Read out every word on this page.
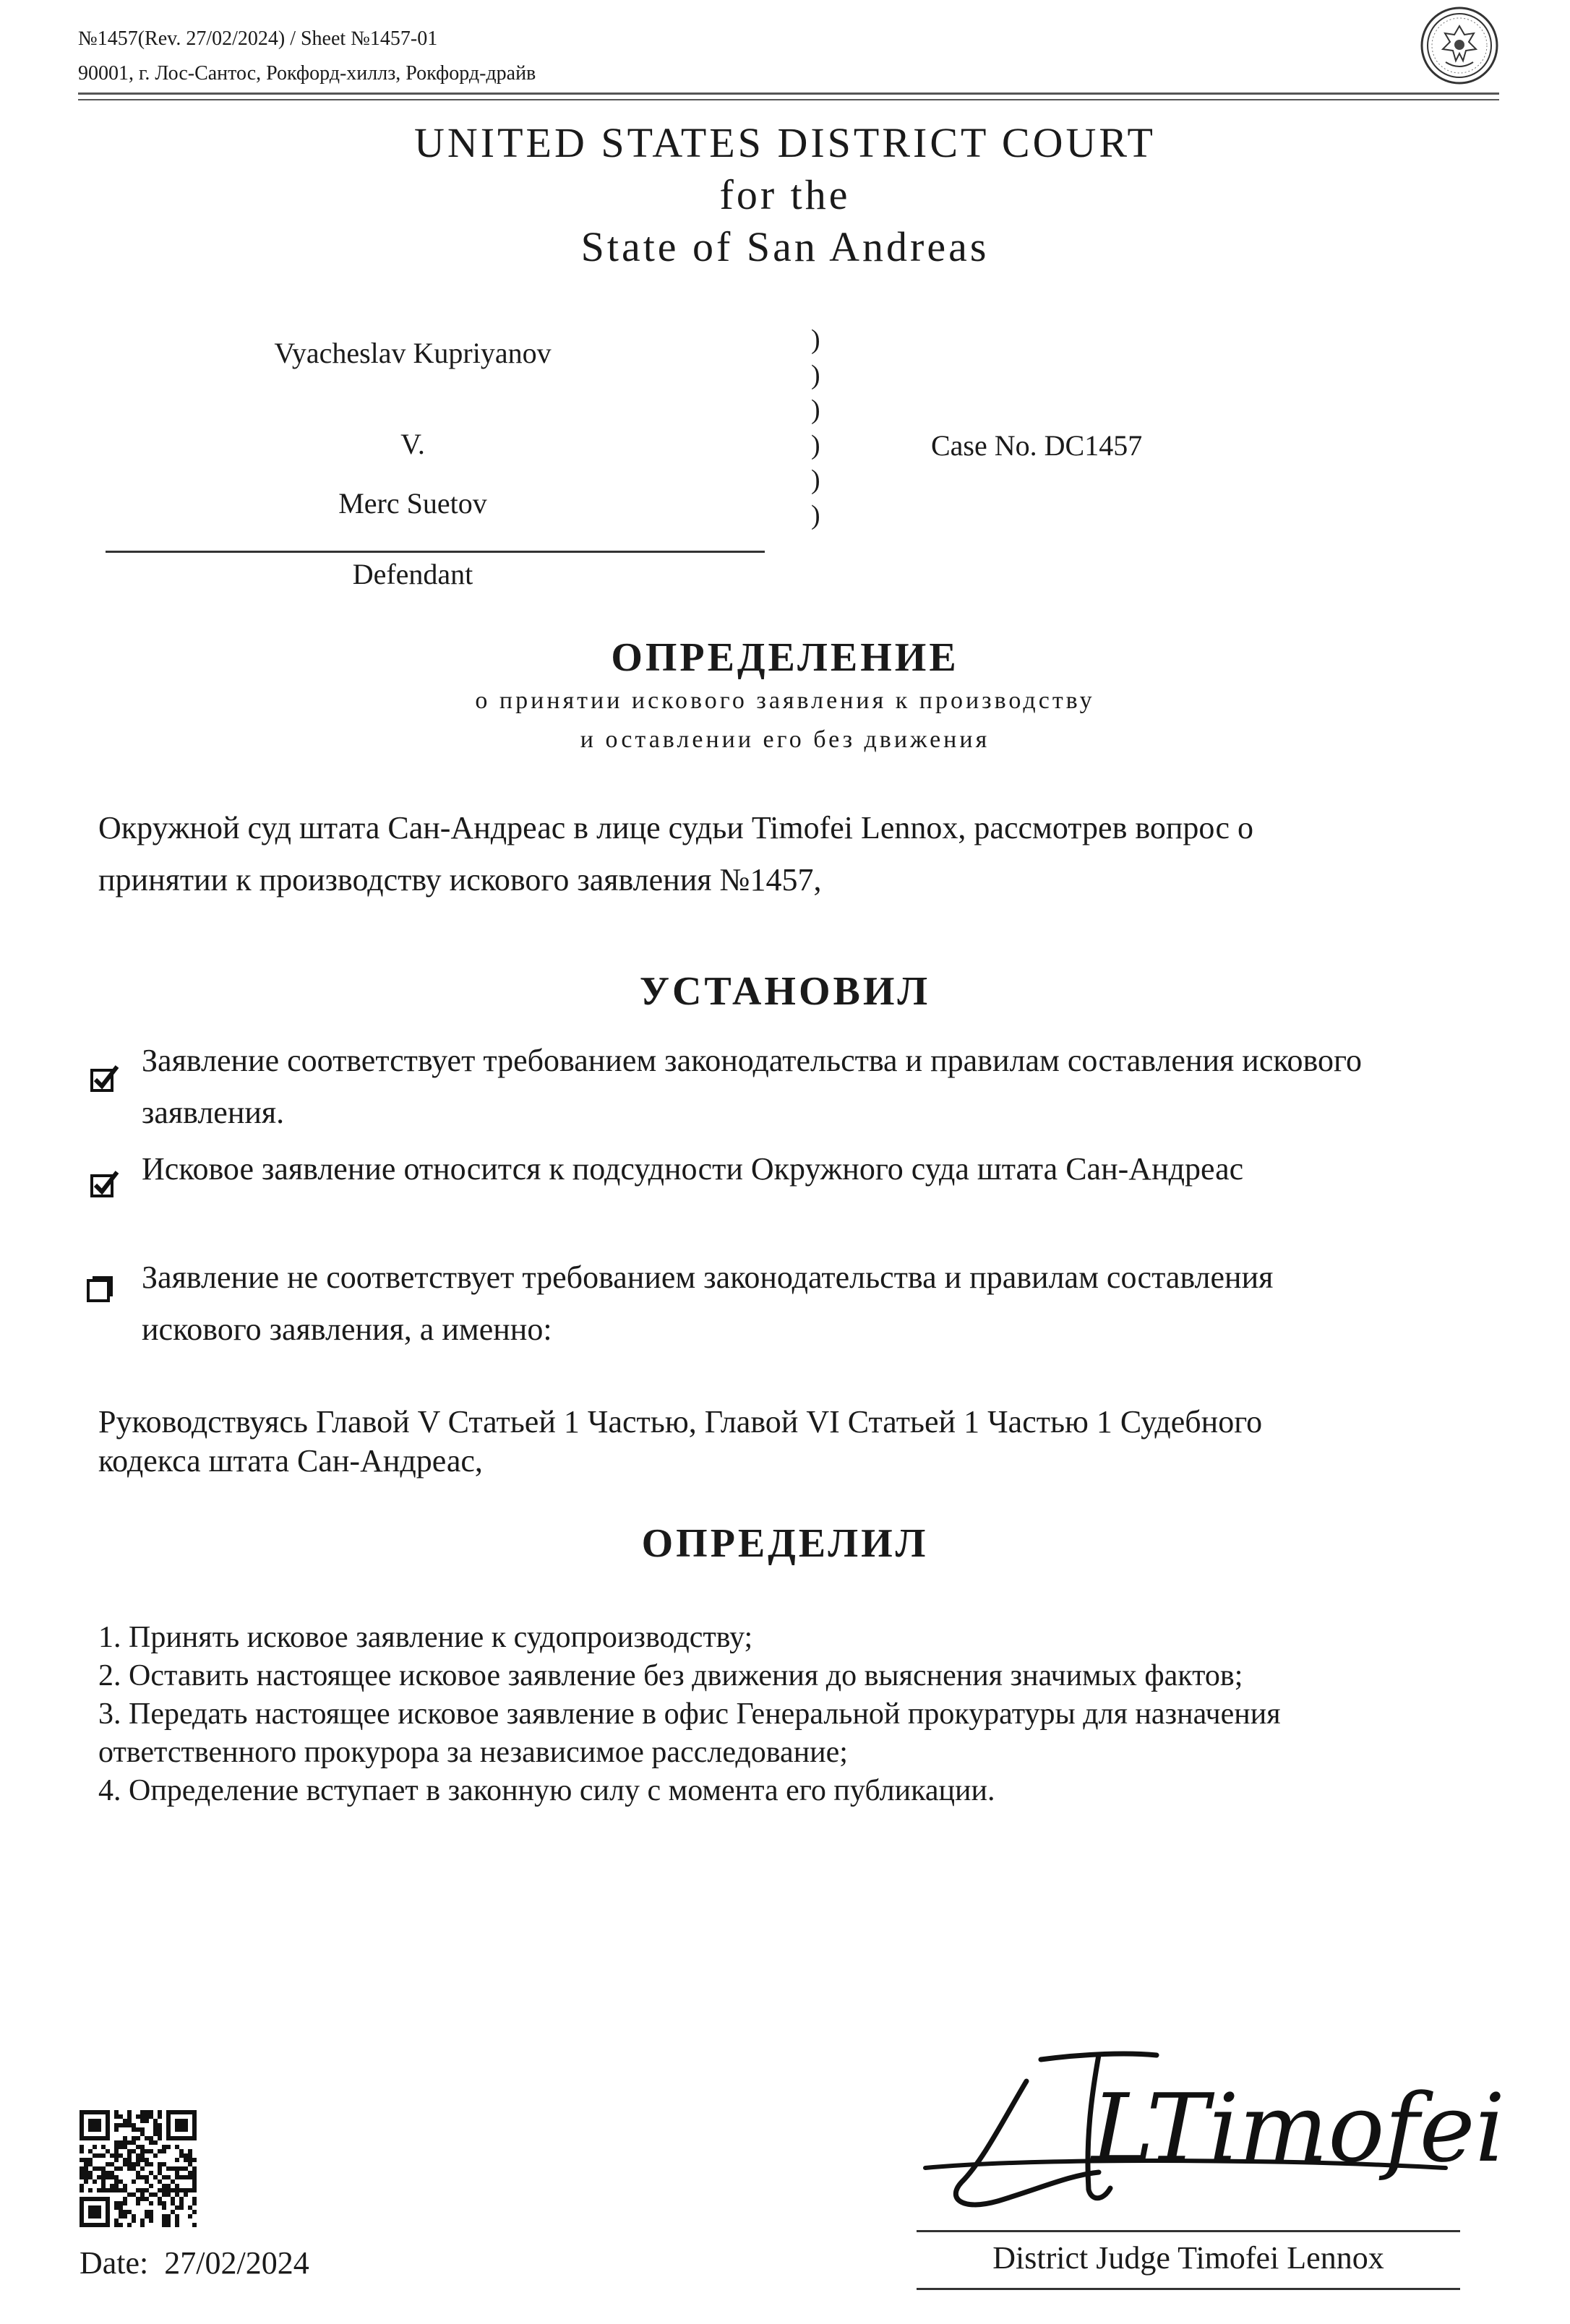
№1457(Rev. 27/02/2024) / Sheet №1457-01
90001, г. Лос-Сантос, Рокфорд-хиллз, Рокфорд-драйв
UNITED STATES DISTRICT COURT
for the
State of San Andreas
Vyacheslav Kupriyanov
V.
Merc Suetov
Defendant
)
)
)
)
)
)
Case No. DC1457
ОПРЕДЕЛЕНИЕ
о принятии искового заявления к производству
и оставлении его без движения
Окружной суд штата Сан-Андреас в лице судьи Timofei Lennox, рассмотрев вопрос о
принятии к производству искового заявления №1457,
УСТАНОВИЛ
Заявление соответствует требованием законодательства и правилам составления искового
заявления.
Исковое заявление относится к подсудности Окружного суда штата Сан-Андреас
Заявление не соответствует требованием законодательства и правилам составления
искового заявления, а именно:
Руководствуясь Главой V Статьей 1 Частью, Главой VI Статьей 1 Частью 1 Судебного
кодекса штата Сан-Андреас,
ОПРЕДЕЛИЛ
1. Принять исковое заявление к судопроизводству;
2. Оставить настоящее исковое заявление без движения до выяснения значимых фактов;
3. Передать настоящее исковое заявление в офис Генеральной прокуратуры для назначения
ответственного прокурора за независимое расследование;
4. Определение вступает в законную силу с момента его публикации.
Date: 27/02/2024
LTimofei
District Judge Timofei Lennox
